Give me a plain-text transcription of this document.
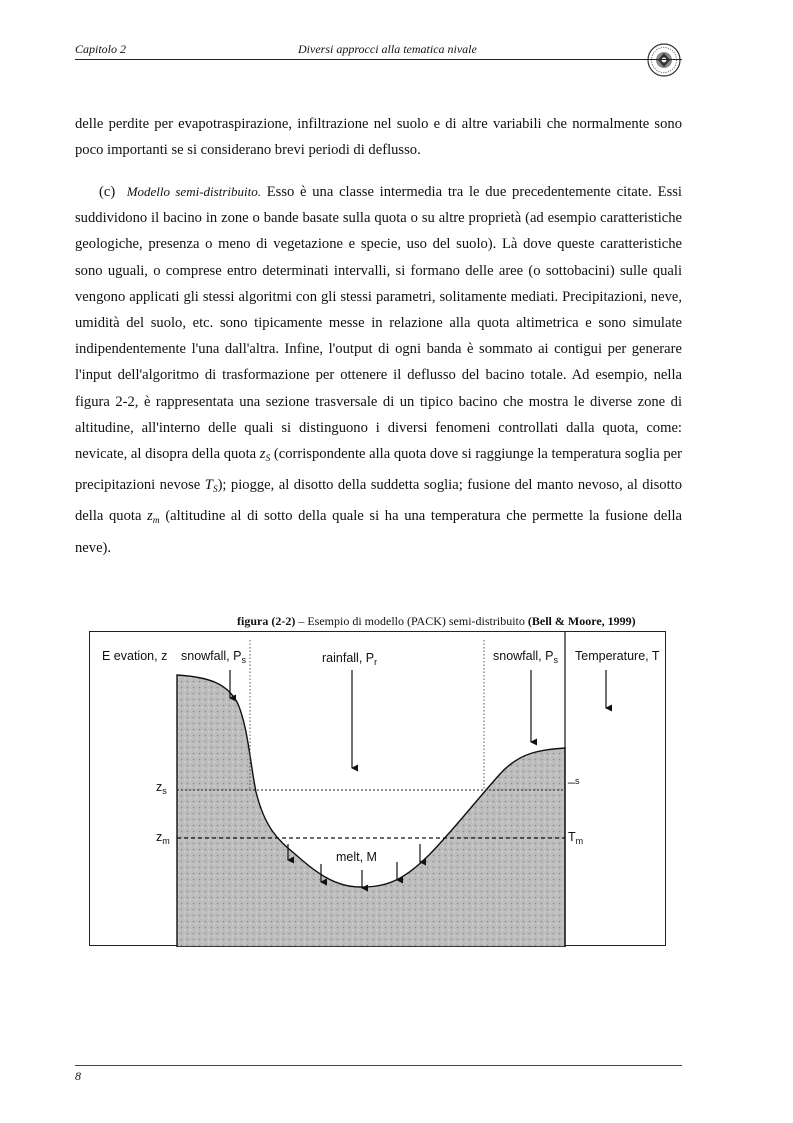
Capitolo 2	Diversi approcci alla tematica nivale

delle perdite per evapotraspirazione, infiltrazione nel suolo e di altre variabili che normalmente sono poco importanti se si considerano brevi periodi di deflusso.

(c) Modello semi-distribuito. Esso è una classe intermedia tra le due precedentemente citate. Essi suddividono il bacino in zone o bande basate sulla quota o su altre proprietà (ad esempio caratteristiche geologiche, presenza o meno di vegetazione e specie, uso del suolo). Là dove queste caratteristiche sono uguali, o comprese entro determinati intervalli, si formano delle aree (o sottobacini) sulle quali vengono applicati gli stessi algoritmi con gli stessi parametri, solitamente mediati. Precipitazioni, neve, umidità del suolo, etc. sono tipicamente messe in relazione alla quota altimetrica e sono simulate indipendentemente l'una dall'altra. Infine, l'output di ogni banda è sommato ai contigui per generare l'input dell'algoritmo di trasformazione per ottenere il deflusso del bacino totale. Ad esempio, nella figura 2-2, è rappresentata una sezione trasversale di un tipico bacino che mostra le diverse zone di altitudine, all'interno delle quali si distinguono i diversi fenomeni controllati dalla quota, come: nevicate, al disopra della quota $z_S$ (corrispondente alla quota dove si raggiunge la temperatura soglia per precipitazioni nevose $T_S$); piogge, al disotto della suddetta soglia; fusione del manto nevoso, al disotto della quota $z_m$ (altitudine al di sotto della quale si ha una temperatura che permette la fusione della neve).

figura (2-2) – Esempio di modello (PACK) semi-distribuito (Bell & Moore, 1999)
E evation, z snowfall, $P_s$	rainfall, $P_r$	snowfall, $P_s$ Temperature, T
$z_s$
$z_m$
$\__s$
$T_m$
melt, M
8
